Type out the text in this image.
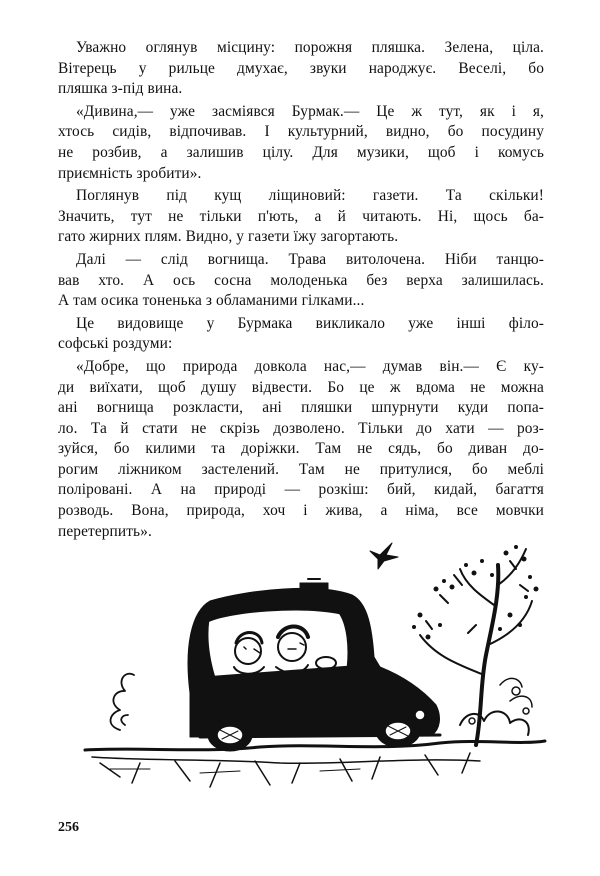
Уважно оглянув місцину: порожня пляшка. Зелена, ціла.
Вітерець у рильце дмухає, звуки народжує. Веселі, бо
пляшка з-під вина.
«Дивина,— уже засміявся Бурмак.— Це ж тут, як і я,
хтось сидів, відпочивав. І культурний, видно, бо посудину
не розбив, а залишив цілу. Для музики, щоб і комусь
приємність зробити».
Поглянув під кущ ліщиновий: газети. Та скільки!
Значить, тут не тільки п'ють, а й читають. Ні, щось ба-
гато жирних плям. Видно, у газети їжу загортають.
Далі — слід вогнища. Трава витолочена. Ніби танцю-
вав хто. А ось сосна молоденька без верха залишилась.
А там осика тоненька з обламаними гілками...
Це видовище у Бурмака викликало уже інші філо-
софські роздуми:
«Добре, що природа довкола нас,— думав він.— Є ку-
ди виїхати, щоб душу відвести. Бо це ж вдома не можна
ані вогнища розкласти, ані пляшки шпурнути куди попа-
ло. Та й стати не скрізь дозволено. Тільки до хати — роз-
зуйся, бо килими та доріжки. Там не сядь, бо диван до-
рогим ліжником застелений. Там не притулися, бо меблі
поліровані. А на природі — розкіш: бий, кидай, багаття
розводь. Вона, природа, хоч і жива, а німа, все мовчки
перетерпить».
256
